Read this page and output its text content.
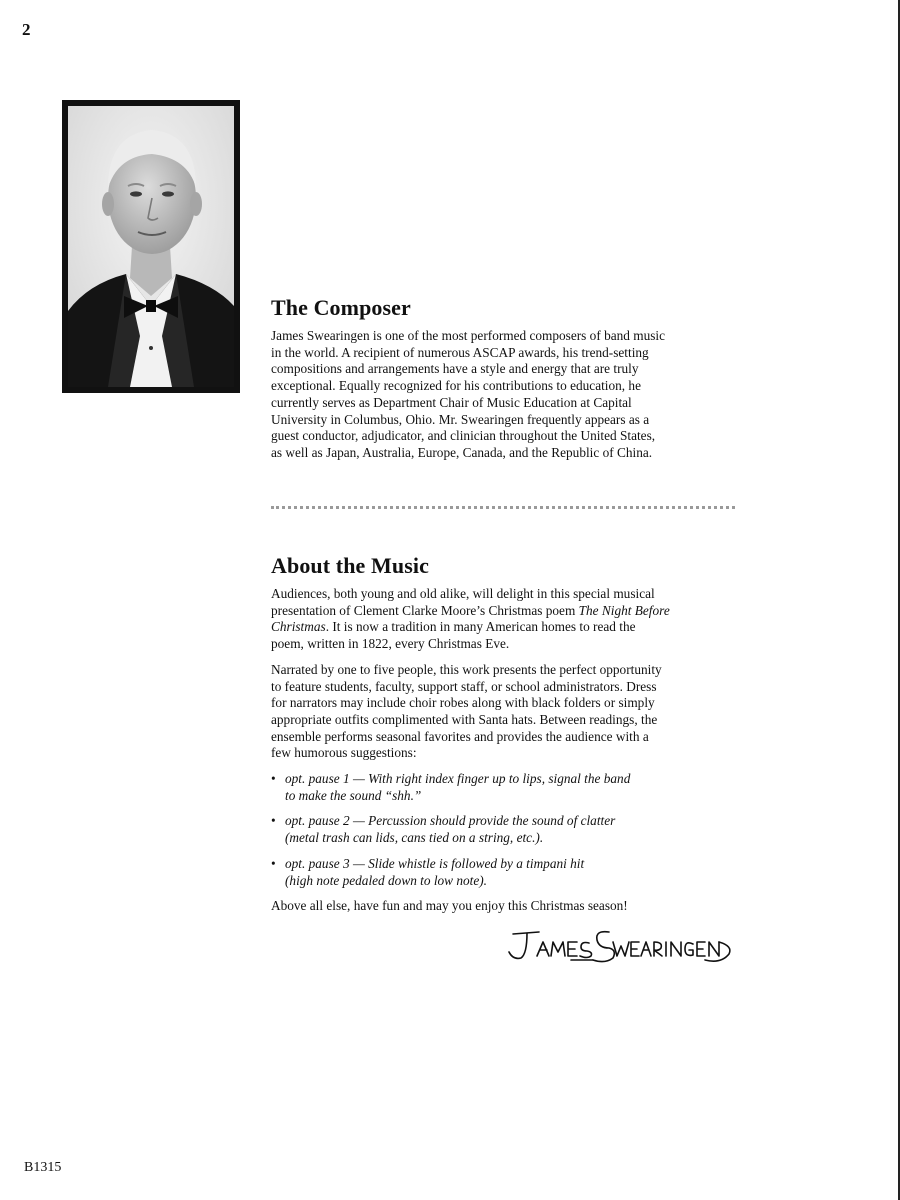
2
The Composer

James Swearingen is one of the most performed composers of band music
in the world. A recipient of numerous ASCAP awards, his trend-setting
compositions and arrangements have a style and energy that are truly
exceptional. Equally recognized for his contributions to education, he
currently serves as Department Chair of Music Education at Capital
University in Columbus, Ohio. Mr. Swearingen frequently appears as a
guest conductor, adjudicator, and clinician throughout the United States,
as well as Japan, Australia, Europe, Canada, and the Republic of China.

About the Music

Audiences, both young and old alike, will delight in this special musical
presentation of Clement Clarke Moore’s Christmas poem The Night Before
Christmas. It is now a tradition in many American homes to read the
poem, written in 1822, every Christmas Eve.

Narrated by one to five people, this work presents the perfect opportunity
to feature students, faculty, support staff, or school administrators. Dress
for narrators may include choir robes along with black folders or simply
appropriate outfits complimented with Santa hats. Between readings, the
ensemble performs seasonal favorites and provides the audience with a
few humorous suggestions:

• opt. pause 1 — With right index finger up to lips, signal the band
to make the sound “shh.”
• opt. pause 2 — Percussion should provide the sound of clatter
(metal trash can lids, cans tied on a string, etc.).
• opt. pause 3 — Slide whistle is followed by a timpani hit
(high note pedaled down to low note).

Above all else, have fun and may you enjoy this Christmas season!

B1315
